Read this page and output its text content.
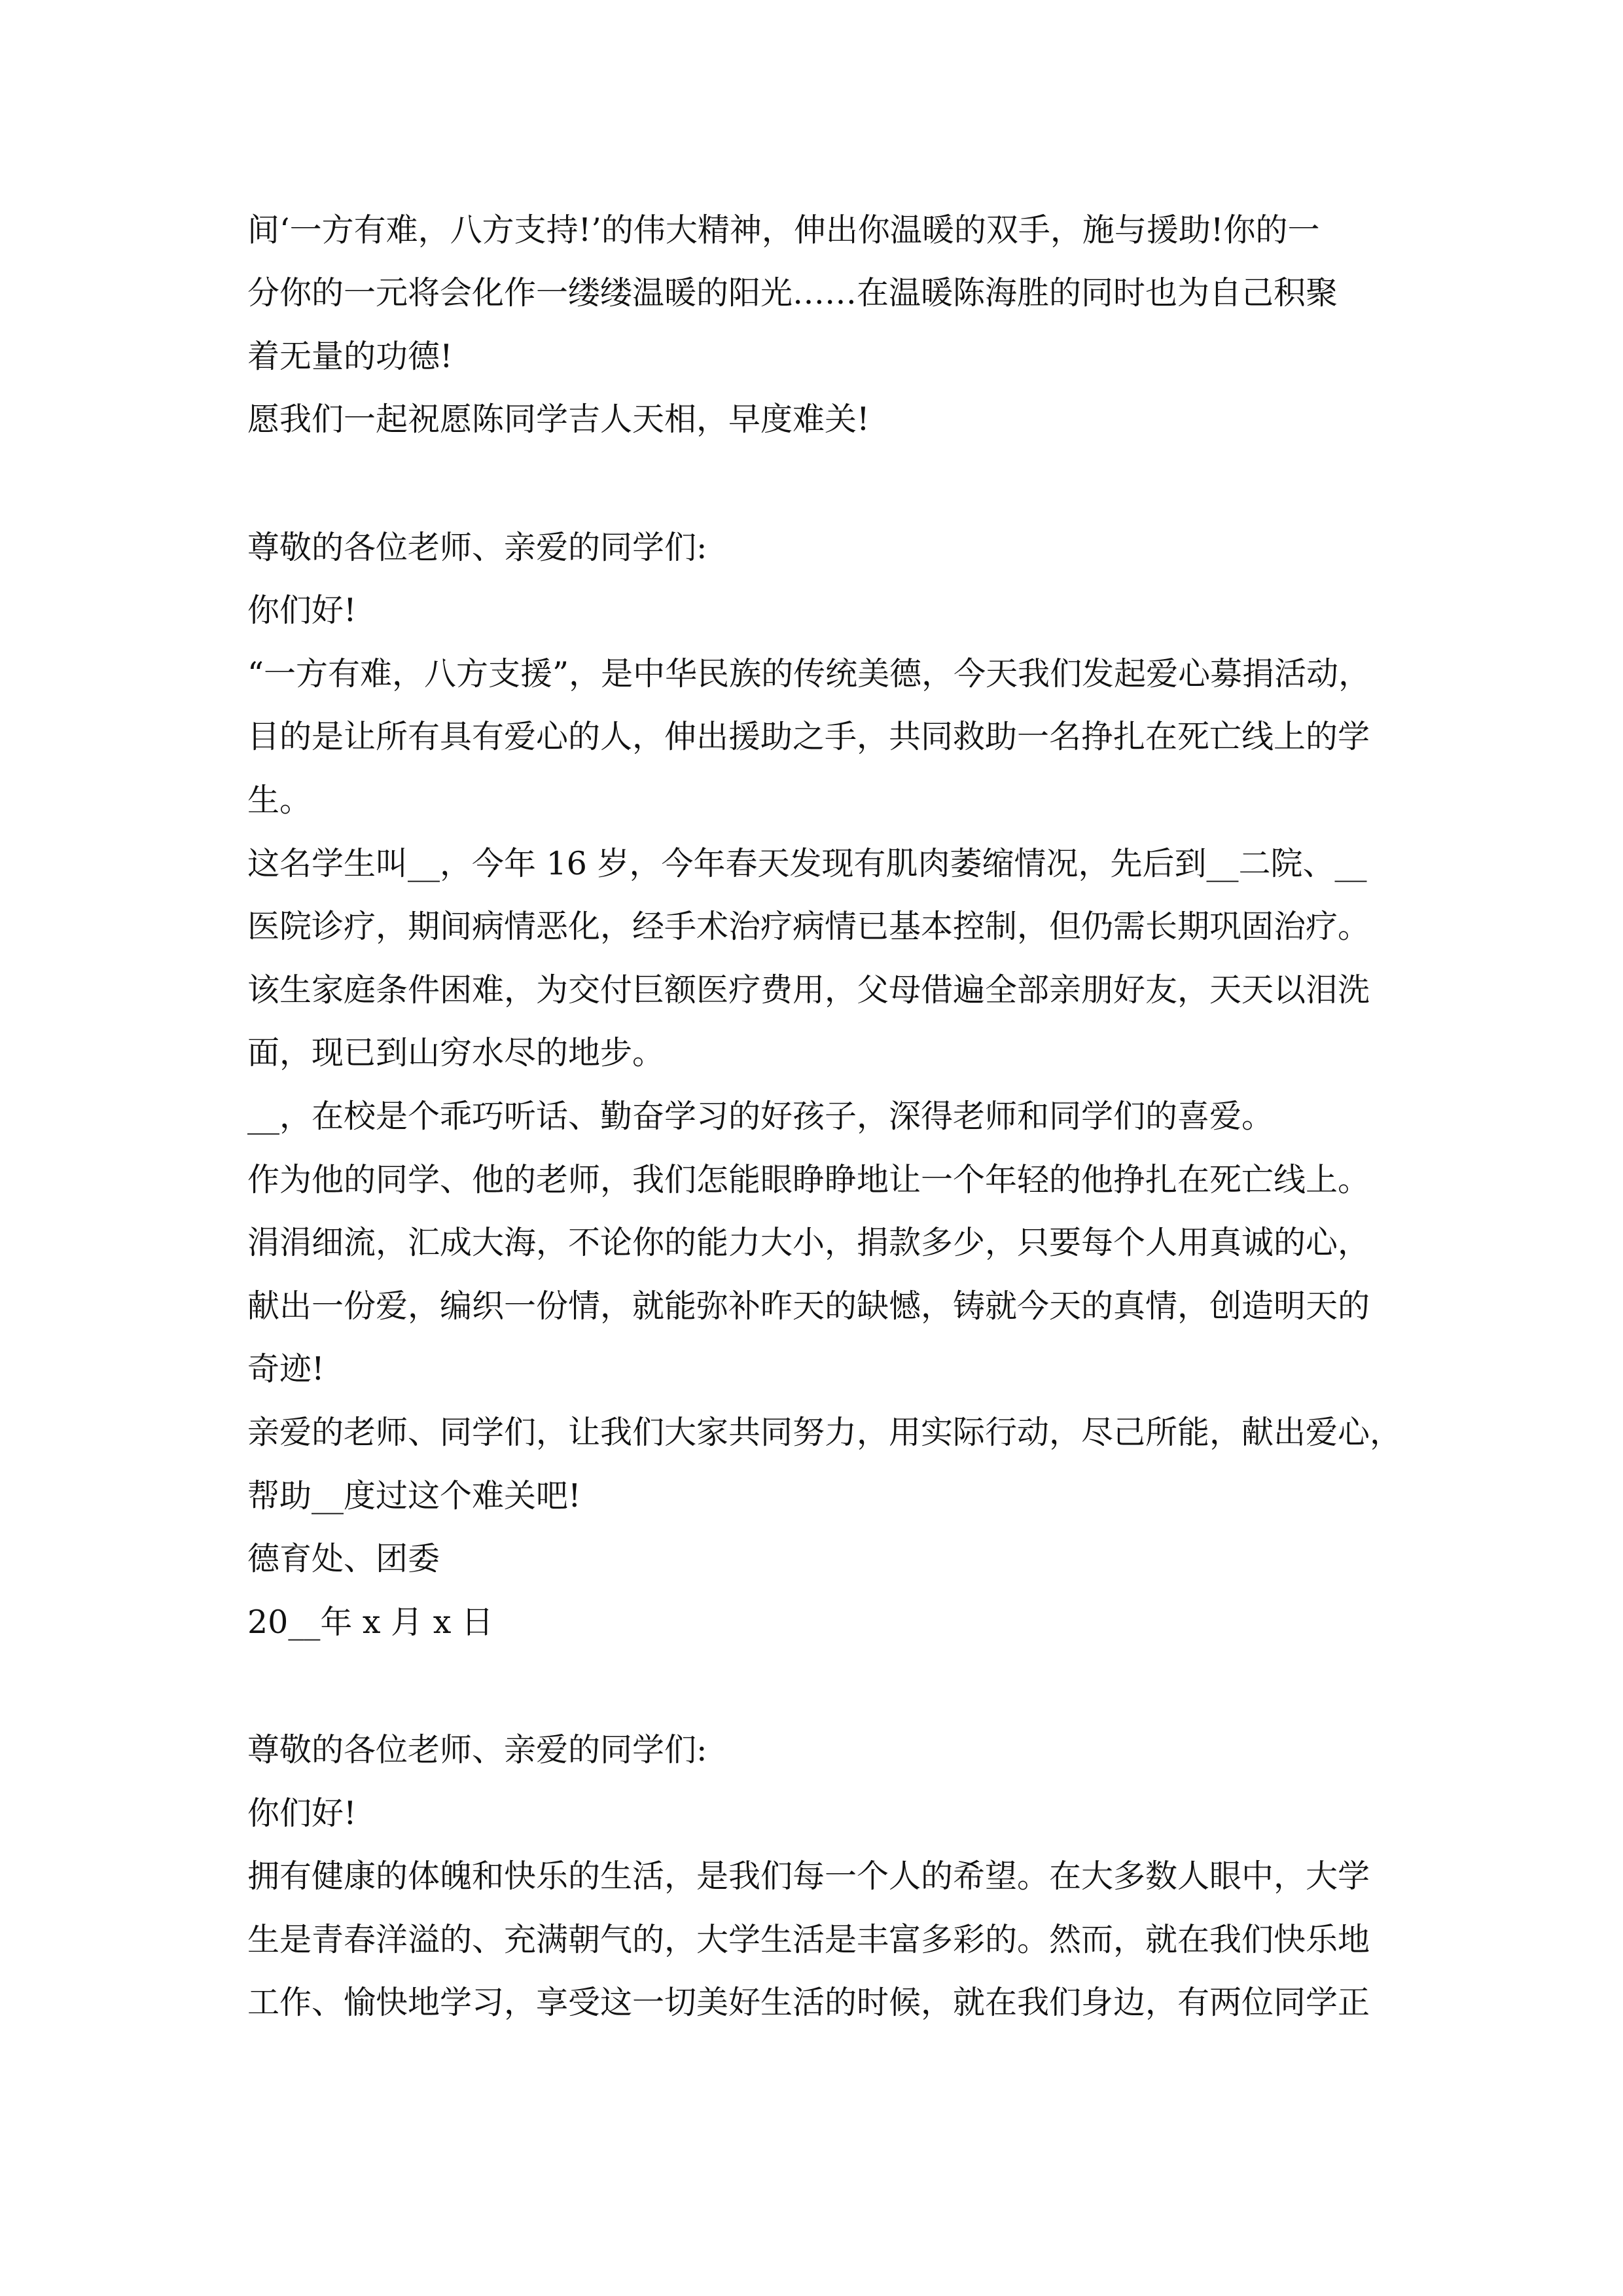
间‘一方有难，八方支持!’的伟大精神，伸出你温暖的双手，施与援助!你的一

分你的一元将会化作一缕缕温暖的阳光……在温暖陈海胜的同时也为自己积聚

着无量的功德!

愿我们一起祝愿陈同学吉人天相，早度难关!

尊敬的各位老师、亲爱的同学们:

你们好!

“一方有难，八方支援”，是中华民族的传统美德，今天我们发起爱心募捐活动，

目的是让所有具有爱心的人，伸出援助之手，共同救助一名挣扎在死亡线上的学

生。

这名学生叫__，今年 16 岁，今年春天发现有肌肉萎缩情况，先后到__二院、__

医院诊疗，期间病情恶化，经手术治疗病情已基本控制，但仍需长期巩固治疗。

该生家庭条件困难，为交付巨额医疗费用，父母借遍全部亲朋好友，天天以泪洗

面，现已到山穷水尽的地步。

__，在校是个乖巧听话、勤奋学习的好孩子，深得老师和同学们的喜爱。

作为他的同学、他的老师，我们怎能眼睁睁地让一个年轻的他挣扎在死亡线上。

涓涓细流，汇成大海，不论你的能力大小，捐款多少，只要每个人用真诚的心，

献出一份爱，编织一份情，就能弥补昨天的缺憾，铸就今天的真情，创造明天的

奇迹!

亲爱的老师、同学们，让我们大家共同努力，用实际行动，尽己所能，献出爱心，

帮助__度过这个难关吧!

德育处、团委

20__年 x 月 x 日

尊敬的各位老师、亲爱的同学们:

你们好!

拥有健康的体魄和快乐的生活，是我们每一个人的希望。在大多数人眼中，大学

生是青春洋溢的、充满朝气的，大学生活是丰富多彩的。然而，就在我们快乐地

工作、愉快地学习，享受这一切美好生活的时候，就在我们身边，有两位同学正
